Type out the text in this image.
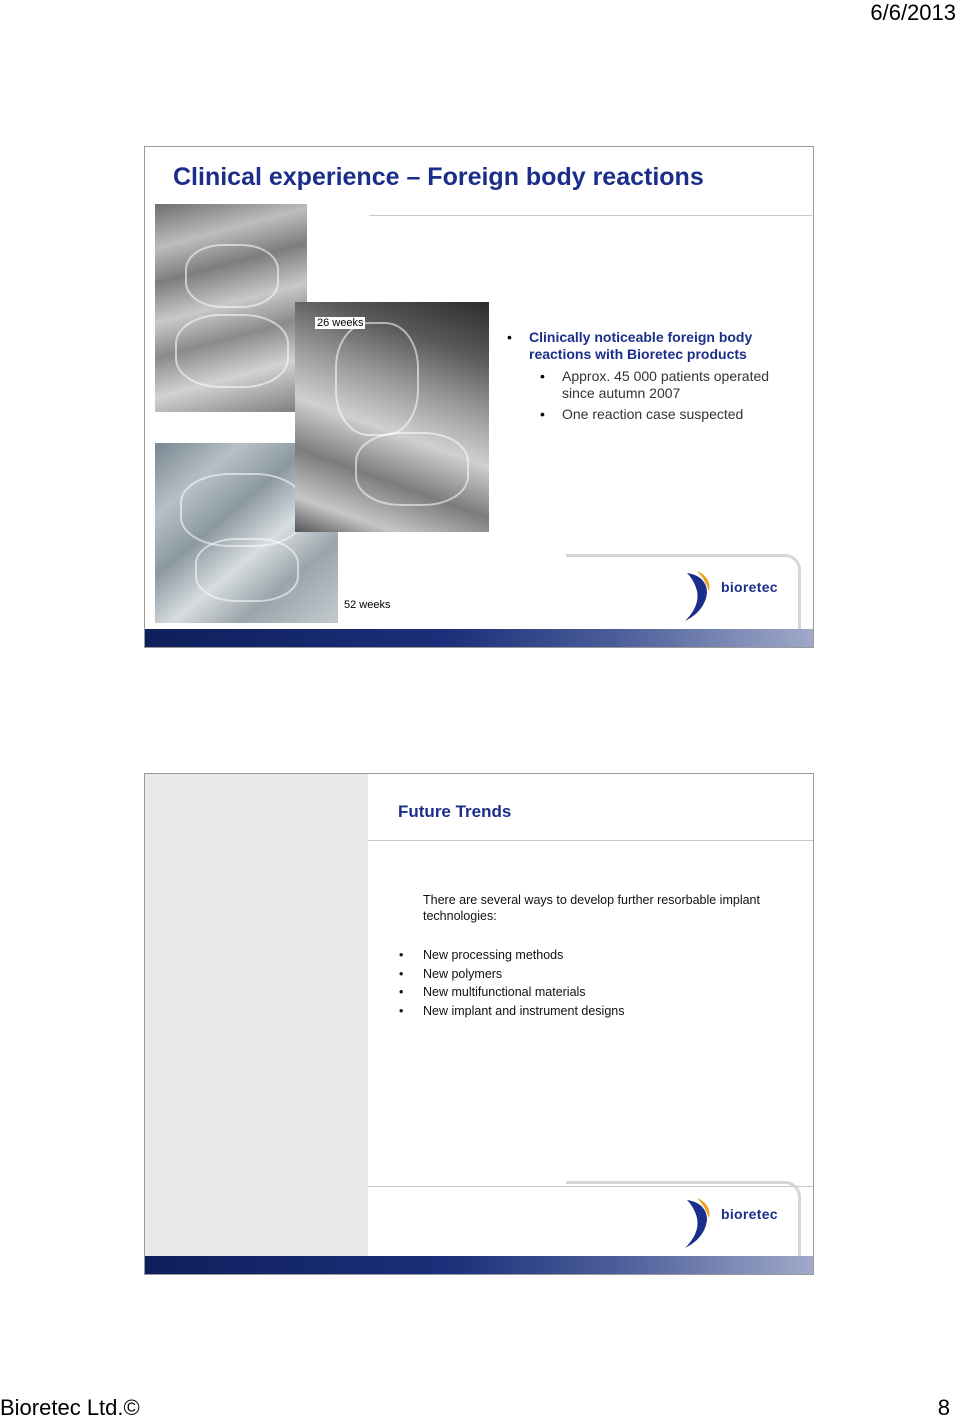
6/6/2013
Clinical experience – Foreign body reactions
26 weeks
52 weeks
• Clinically noticeable foreign body reactions with Bioretec products
• Approx. 45 000 patients operated since autumn 2007
• One reaction case suspected
bioretec
Future Trends
There are several ways to develop further resorbable implant technologies:
• New processing methods
• New polymers
• New multifunctional materials
• New implant and instrument designs
bioretec
Bioretec Ltd.©	8
